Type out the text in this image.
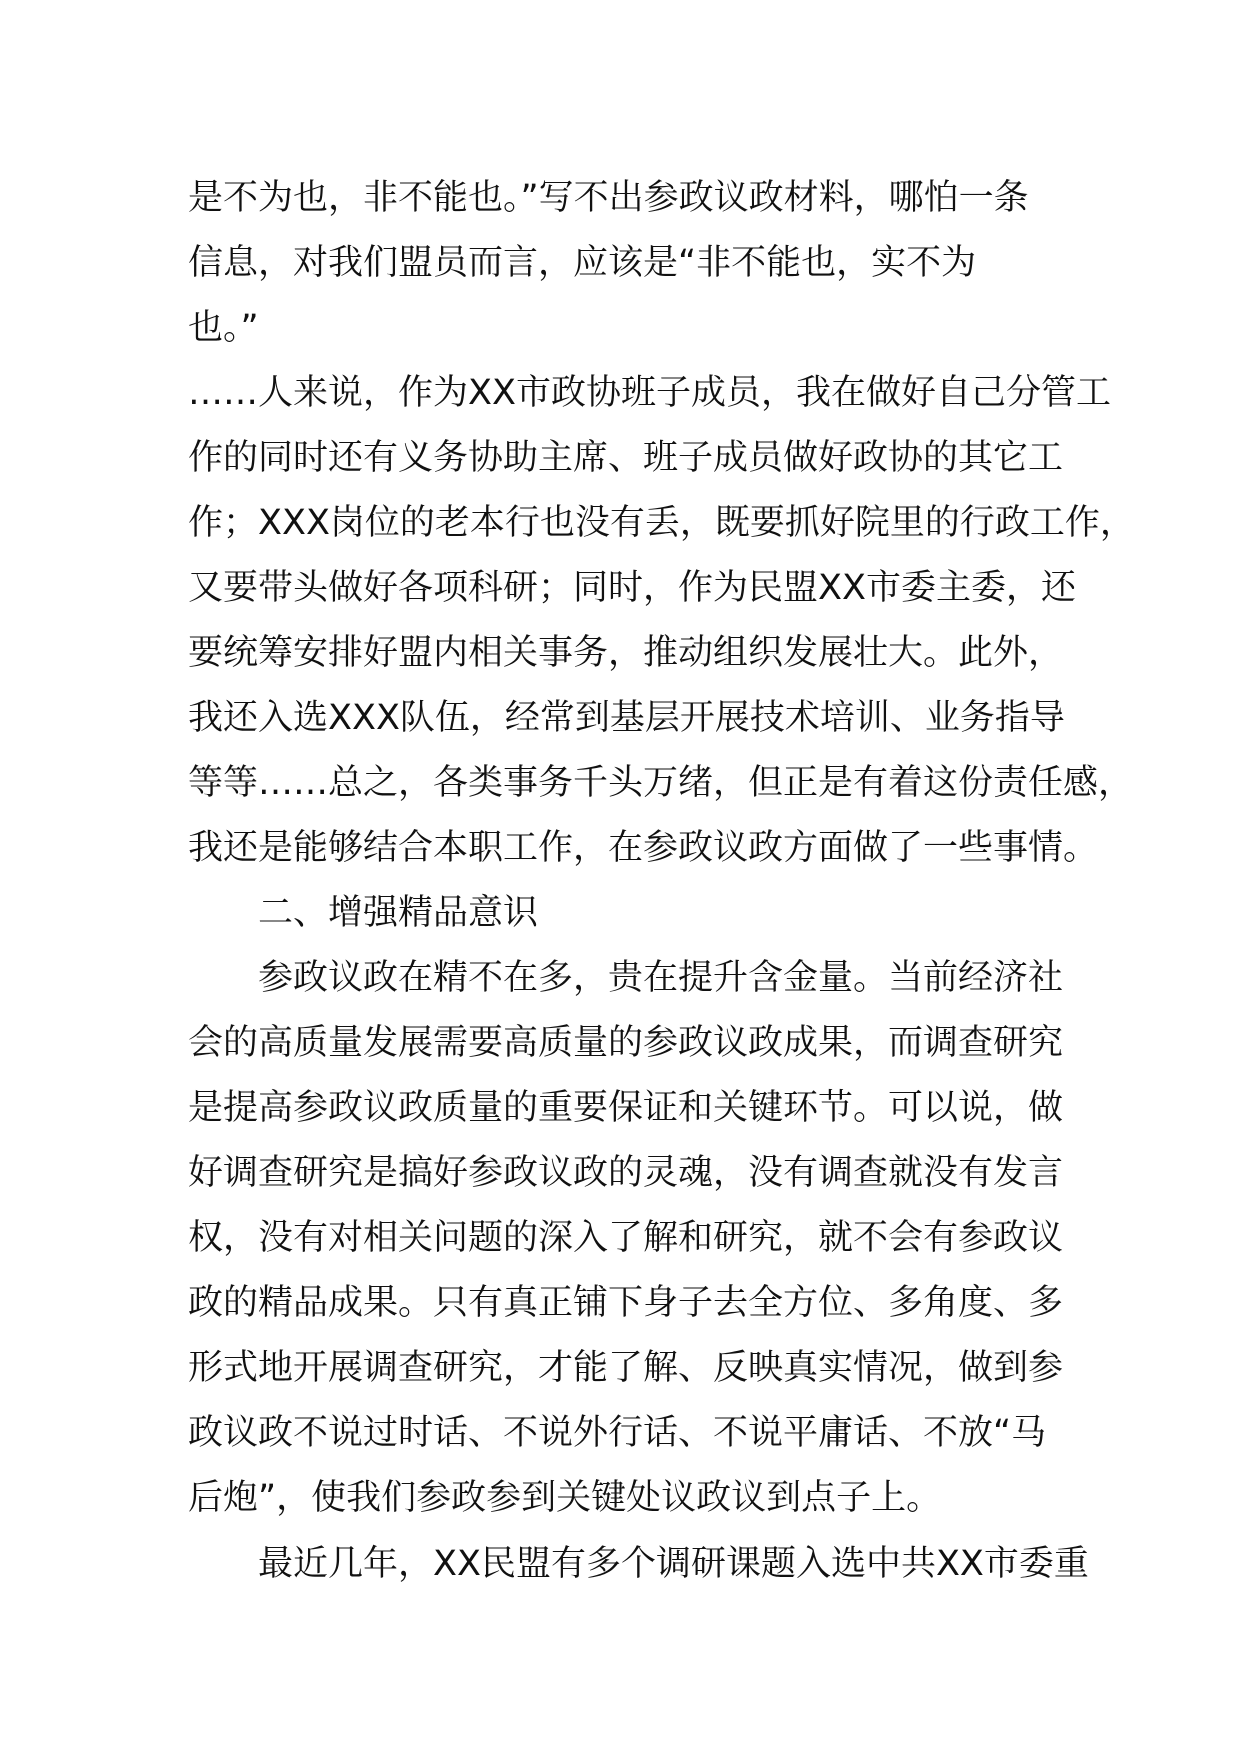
是不为也，非不能也。”写不出参政议政材料，哪怕一条
信息，对我们盟员而言，应该是“非不能也，实不为
也。”
……人来说，作为XX市政协班子成员，我在做好自己分管工
作的同时还有义务协助主席、班子成员做好政协的其它工
作；XXX岗位的老本行也没有丢，既要抓好院里的行政工作，
又要带头做好各项科研；同时，作为民盟XX市委主委，还
要统筹安排好盟内相关事务，推动组织发展壮大。此外，
我还入选XXX队伍，经常到基层开展技术培训、业务指导
等等……总之，各类事务千头万绪，但正是有着这份责任感，
我还是能够结合本职工作，在参政议政方面做了一些事情。
二、增强精品意识
参政议政在精不在多，贵在提升含金量。当前经济社
会的高质量发展需要高质量的参政议政成果，而调查研究
是提高参政议政质量的重要保证和关键环节。可以说，做
好调查研究是搞好参政议政的灵魂，没有调查就没有发言
权，没有对相关问题的深入了解和研究，就不会有参政议
政的精品成果。只有真正铺下身子去全方位、多角度、多
形式地开展调查研究，才能了解、反映真实情况，做到参
政议政不说过时话、不说外行话、不说平庸话、不放“马
后炮”，使我们参政参到关键处议政议到点子上。
最近几年，XX民盟有多个调研课题入选中共XX市委重
